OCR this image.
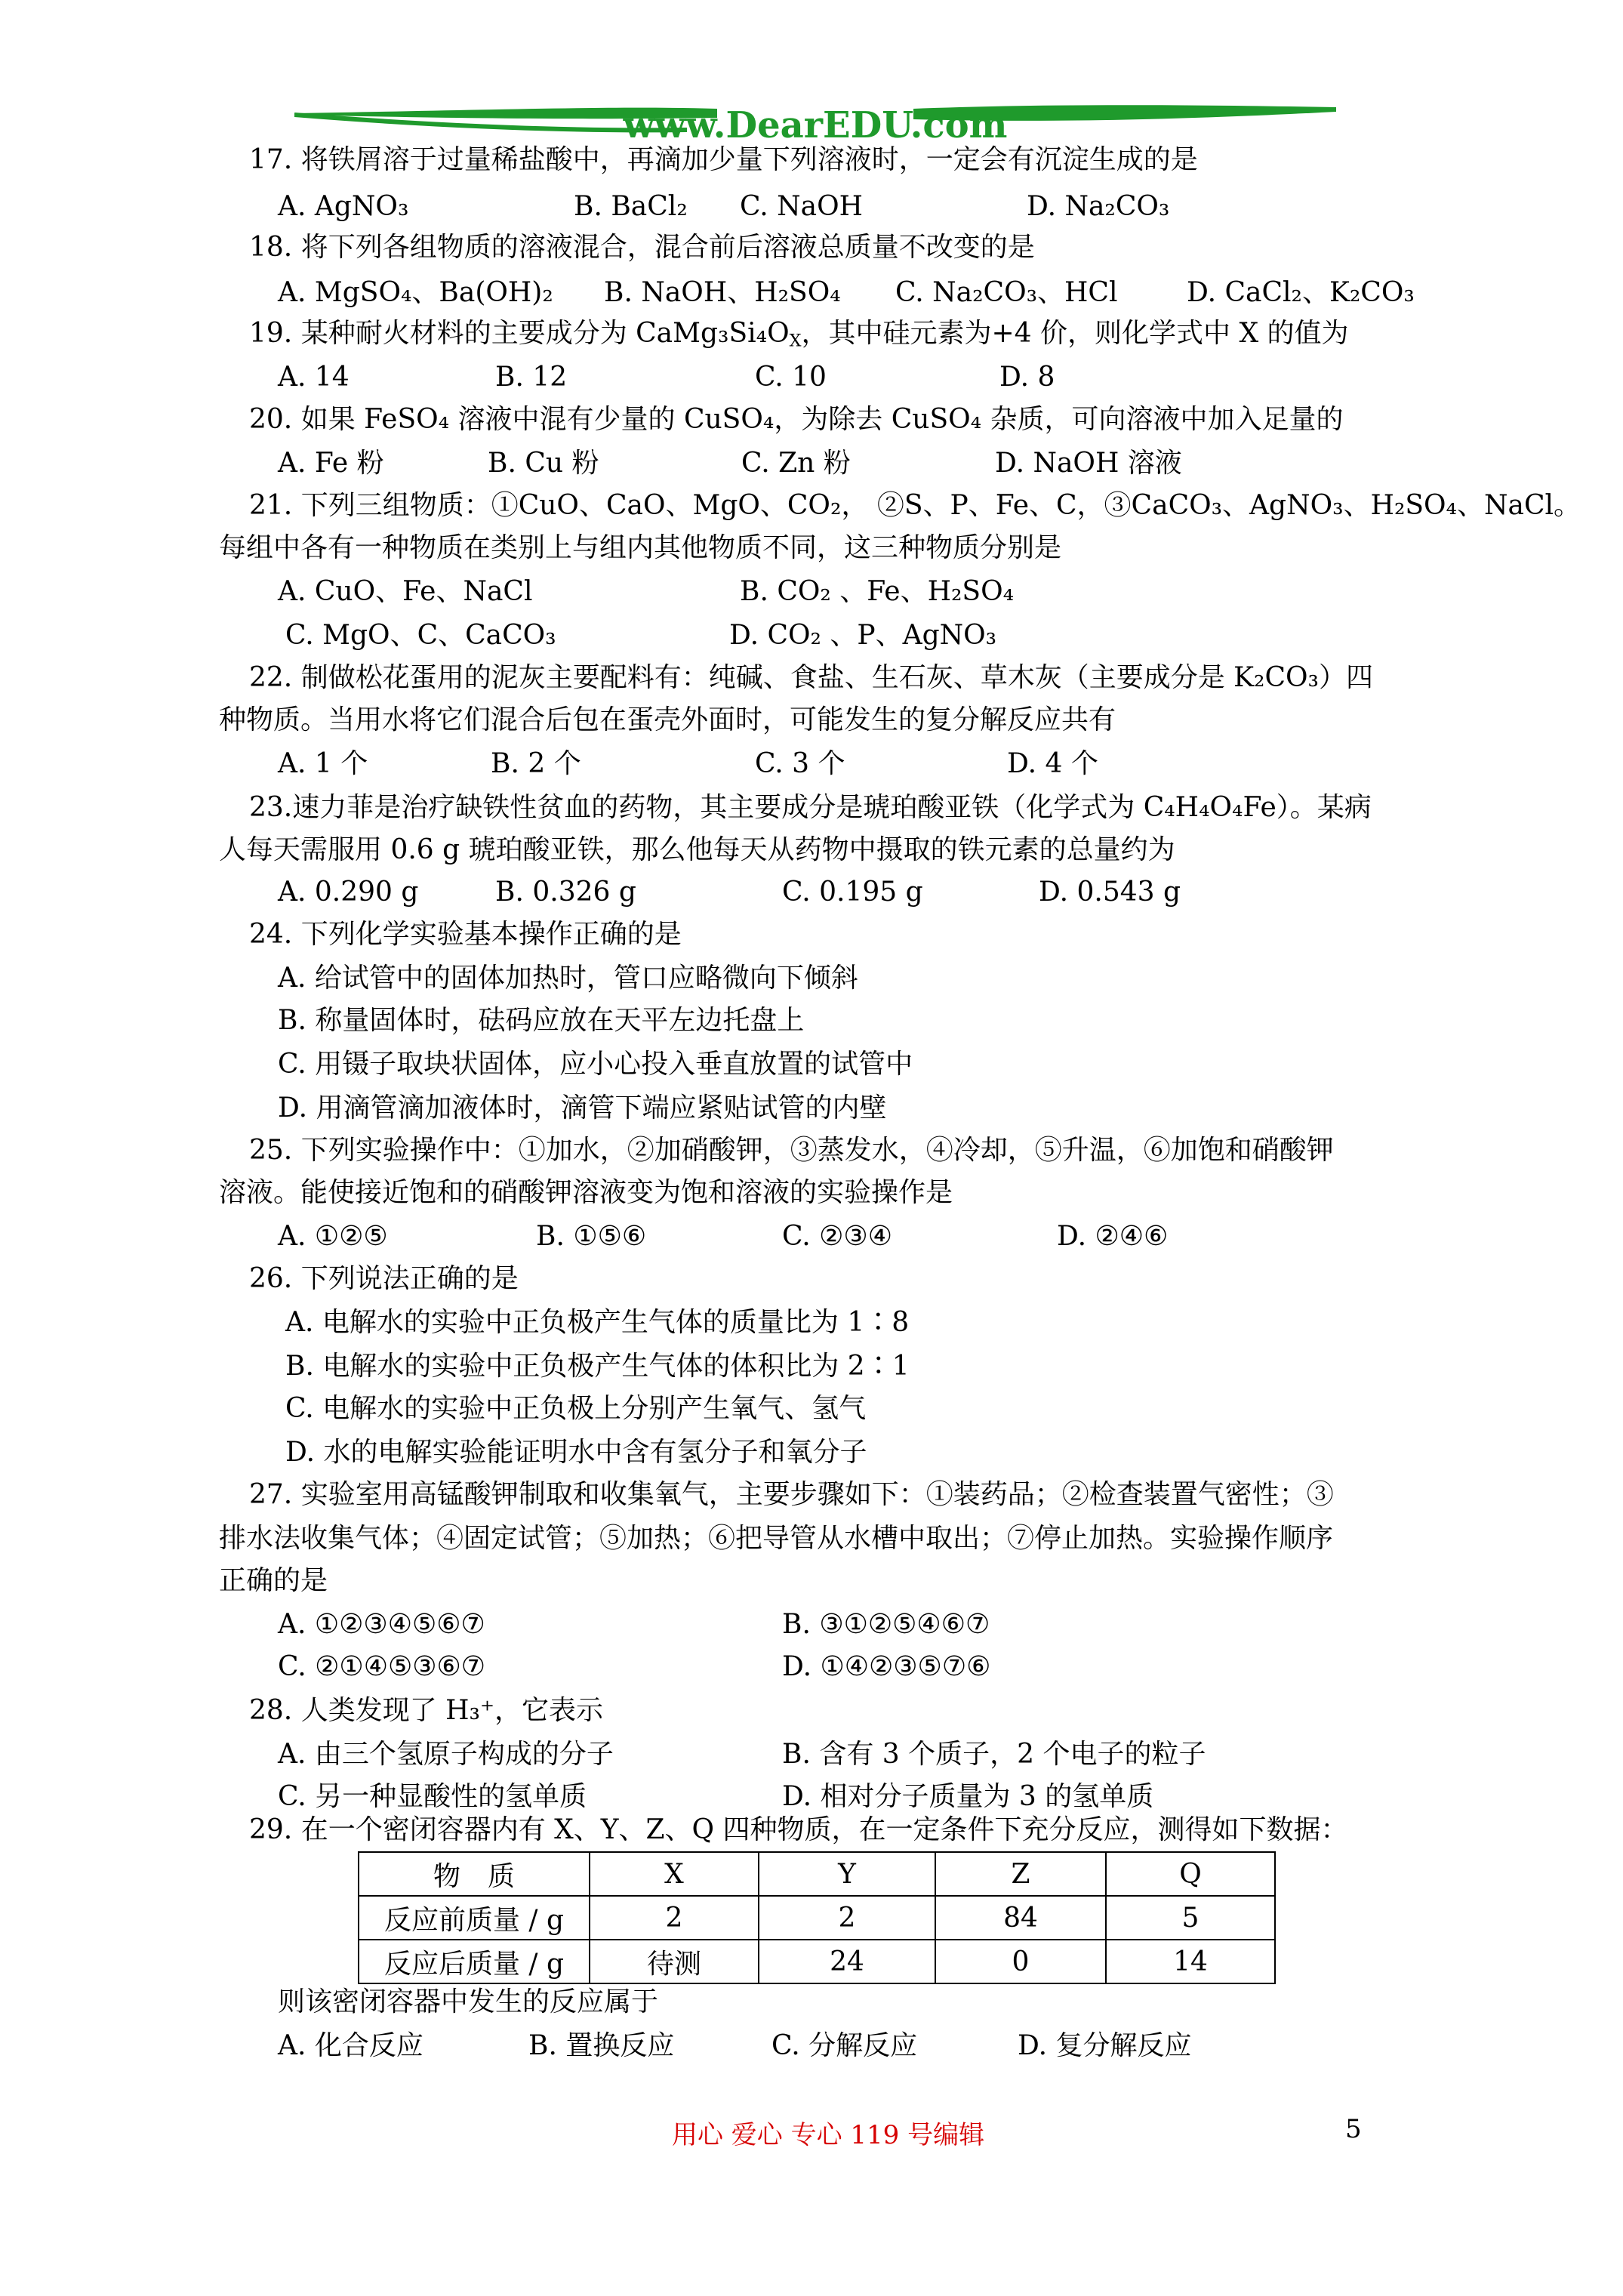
www.DearEDU.com
17. 将铁屑溶于过量稀盐酸中，再滴加少量下列溶液时，一定会有沉淀生成的是
A. AgNO₃	B. BaCl₂ C. NaOH	D. Na₂CO₃
18. 将下列各组物质的溶液混合，混合前后溶液总质量不改变的是
A. MgSO₄、Ba(OH)₂ B. NaOH、H₂SO₄ C. Na₂CO₃、HCl	D. CaCl₂、K₂CO₃
19. 某种耐火材料的主要成分为 $CaMg_3Si_4O_X$，其中硅元素为+4 价，则化学式中 X 的值为
A. 14	B. 12	C. 10	D. 8
20. 如果 FeSO₄ 溶液中混有少量的 CuSO₄，为除去 CuSO₄ 杂质，可向溶液中加入足量的
A. Fe 粉	B. Cu 粉	C. Zn 粉	D. NaOH 溶液
21. 下列三组物质：①CuO、CaO、MgO、CO₂， ②S、P、Fe、C，③CaCO₃、AgNO₃、H₂SO₄、NaCl。
每组中各有一种物质在类别上与组内其他物质不同，这三种物质分别是
A. CuO、Fe、NaCl	B. CO₂ 、Fe、H₂SO₄
C. MgO、C、CaCO₃	D. CO₂ 、P、AgNO₃
22. 制做松花蛋用的泥灰主要配料有：纯碱、食盐、生石灰、草木灰（主要成分是 K₂CO₃）四
种物质。当用水将它们混合后包在蛋壳外面时，可能发生的复分解反应共有
A. 1 个	B. 2 个	C. 3 个	D. 4 个
23.速力菲是治疗缺铁性贫血的药物，其主要成分是琥珀酸亚铁（化学式为 C₄H₄O₄Fe）。某病
人每天需服用 0.6 g 琥珀酸亚铁，那么他每天从药物中摄取的铁元素的总量约为
A. 0.290 g	B. 0.326 g	C. 0.195 g	D. 0.543 g
24. 下列化学实验基本操作正确的是
A. 给试管中的固体加热时，管口应略微向下倾斜
B. 称量固体时，砝码应放在天平左边托盘上
C. 用镊子取块状固体，应小心投入垂直放置的试管中
D. 用滴管滴加液体时，滴管下端应紧贴试管的内壁
25. 下列实验操作中：①加水，②加硝酸钾，③蒸发水，④冷却，⑤升温，⑥加饱和硝酸钾
溶液。能使接近饱和的硝酸钾溶液变为饱和溶液的实验操作是
A. ①②⑤	B. ①⑤⑥	C. ②③④	D. ②④⑥
26. 下列说法正确的是
A. 电解水的实验中正负极产生气体的质量比为 1∶8
B. 电解水的实验中正负极产生气体的体积比为 2∶1
C. 电解水的实验中正负极上分别产生氧气、氢气
D. 水的电解实验能证明水中含有氢分子和氧分子
27. 实验室用高锰酸钾制取和收集氧气，主要步骤如下：①装药品；②检查装置气密性；③
排水法收集气体；④固定试管；⑤加热；⑥把导管从水槽中取出；⑦停止加热。实验操作顺序
正确的是
A. ①②③④⑤⑥⑦	B. ③①②⑤④⑥⑦
C. ②①④⑤③⑥⑦	D. ①④②③⑤⑦⑥
28. 人类发现了 H₃⁺，它表示
A. 由三个氢原子构成的分子	B. 含有 3 个质子，2 个电子的粒子
C. 另一种显酸性的氢单质	D. 相对分子质量为 3 的氢单质
29. 在一个密闭容器内有 X、Y、Z、Q 四种物质，在一定条件下充分反应，测得如下数据：
物　质	X	Y	Z	Q
反应前质量 / g	2	2	84	5
反应后质量 / g	待测	24	0	14
则该密闭容器中发生的反应属于
A. 化合反应	B. 置换反应	C. 分解反应	D. 复分解反应
用心 爱心 专心 119 号编辑	5
